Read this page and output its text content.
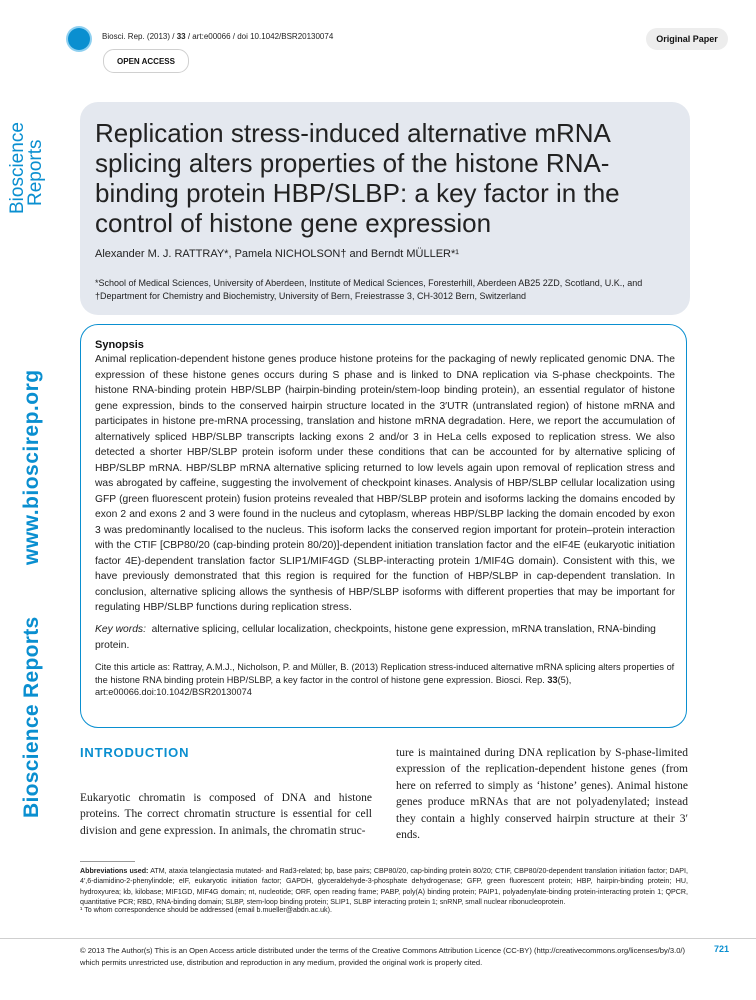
Biosci. Rep. (2013) / 33 / art:e00066 / doi 10.1042/BSR20130074	Original Paper
OPEN ACCESS
Bioscience
Reports
www.bioscirep.org
Bioscience Reports
Replication stress-induced alternative mRNA splicing alters properties of the histone RNA-binding protein HBP/SLBP: a key factor in the control of histone gene expression
Alexander M. J. RATTRAY*, Pamela NICHOLSON† and Berndt MÜLLER*¹
*School of Medical Sciences, University of Aberdeen, Institute of Medical Sciences, Foresterhill, Aberdeen AB25 2ZD, Scotland, U.K., and
†Department for Chemistry and Biochemistry, University of Bern, Freiestrasse 3, CH-3012 Bern, Switzerland
Synopsis
Animal replication-dependent histone genes produce histone proteins for the packaging of newly replicated genomic DNA. The expression of these histone genes occurs during S phase and is linked to DNA replication via S-phase checkpoints. The histone RNA-binding protein HBP/SLBP (hairpin-binding protein/stem-loop binding protein), an essential regulator of histone gene expression, binds to the conserved hairpin structure located in the 3′UTR (untranslated region) of histone mRNA and participates in histone pre-mRNA processing, translation and histone mRNA degradation. Here, we report the accumulation of alternatively spliced HBP/SLBP transcripts lacking exons 2 and/or 3 in HeLa cells exposed to replication stress. We also detected a shorter HBP/SLBP protein isoform under these conditions that can be accounted for by alternative splicing of HBP/SLBP mRNA. HBP/SLBP mRNA alternative splicing returned to low levels again upon removal of replication stress and was abrogated by caffeine, suggesting the involvement of checkpoint kinases. Analysis of HBP/SLBP cellular localization using GFP (green fluorescent protein) fusion proteins revealed that HBP/SLBP protein and isoforms lacking the domains encoded by exon 2 and exons 2 and 3 were found in the nucleus and cytoplasm, whereas HBP/SLBP lacking the domain encoded by exon 3 was predominantly localised to the nucleus. This isoform lacks the conserved region important for protein–protein interaction with the CTIF [CBP80/20 (cap-binding protein 80/20)]-dependent initiation translation factor and the eIF4E (eukaryotic initiation factor 4E)-dependent translation factor SLIP1/MIF4GD (SLBP-interacting protein 1/MIF4G domain). Consistent with this, we have previously demonstrated that this region is required for the function of HBP/SLBP in cap-dependent translation. In conclusion, alternative splicing allows the synthesis of HBP/SLBP isoforms with different properties that may be important for regulating HBP/SLBP functions during replication stress.
Key words: alternative splicing, cellular localization, checkpoints, histone gene expression, mRNA translation, RNA-binding protein.
Cite this article as: Rattray, A.M.J., Nicholson, P. and Müller, B. (2013) Replication stress-induced alternative mRNA splicing alters properties of the histone RNA binding protein HBP/SLBP, a key factor in the control of histone gene expression. Biosci. Rep. 33(5), art:e00066.doi:10.1042/BSR20130074
INTRODUCTION
Eukaryotic chromatin is composed of DNA and histone proteins. The correct chromatin structure is essential for cell division and gene expression. In animals, the chromatin struc-
ture is maintained during DNA replication by S-phase-limited expression of the replication-dependent histone genes (from here on referred to simply as ‘histone’ genes). Animal histone genes produce mRNAs that are not polyadenylated; instead they contain a highly conserved hairpin structure at their 3′ ends.
Abbreviations used: ATM, ataxia telangiectasia mutated- and Rad3-related; bp, base pairs; CBP80/20, cap-binding protein 80/20; CTIF, CBP80/20-dependent translation initiation factor; DAPI, 4′,6-diamidino-2-phenylindole; eIF, eukaryotic initiation factor; GAPDH, glyceraldehyde-3-phosphate dehydrogenase; GFP, green fluorescent protein; HBP, hairpin-binding protein; HU, hydroxyurea; kb, kilobase; MIF1GD, MIF4G domain; nt, nucleotide; ORF, open reading frame; PABP, poly(A) binding protein; PAIP1, polyadenylate-binding protein-interacting protein 1; QPCR, quantitative PCR; RBD, RNA-binding domain; SLBP, stem-loop binding protein; SLIP1, SLBP interacting protein 1; snRNP, small nuclear ribonucleoprotein.
¹ To whom correspondence should be addressed (email b.mueller@abdn.ac.uk).
© 2013 The Author(s) This is an Open Access article distributed under the terms of the Creative Commons Attribution Licence (CC-BY) (http://creativecommons.org/licenses/by/3.0/) which permits unrestricted use, distribution and reproduction in any medium, provided the original work is properly cited.
721
